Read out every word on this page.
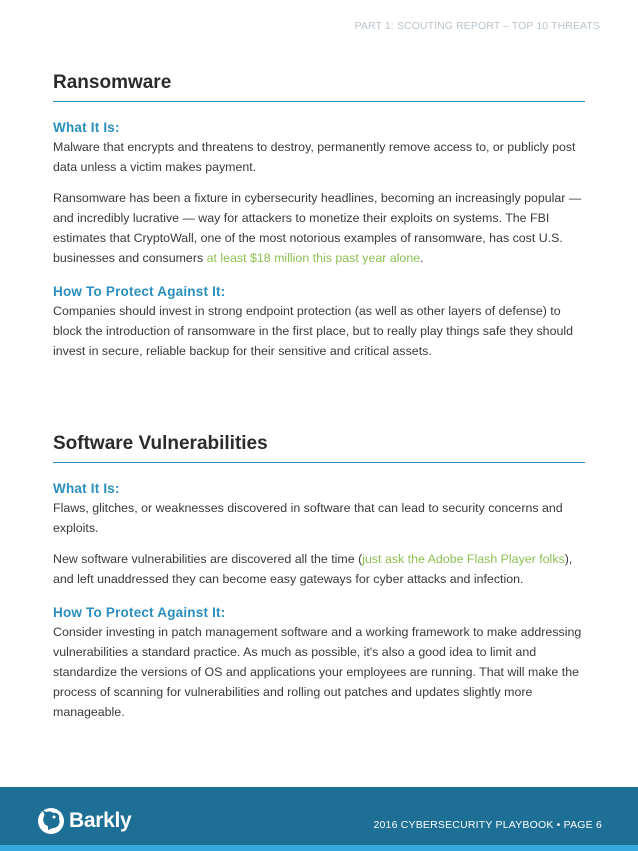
PART 1: SCOUTING REPORT – TOP 10 THREATS
Ransomware
What It Is:

Malware that encrypts and threatens to destroy, permanently remove access to, or publicly post data unless a victim makes payment.

Ransomware has been a fixture in cybersecurity headlines, becoming an increasingly popular — and incredibly lucrative — way for attackers to monetize their exploits on systems. The FBI estimates that CryptoWall, one of the most notorious examples of ransomware, has cost U.S. businesses and consumers at least $18 million this past year alone.

How To Protect Against It:

Companies should invest in strong endpoint protection (as well as other layers of defense) to block the introduction of ransomware in the first place, but to really play things safe they should invest in secure, reliable backup for their sensitive and critical assets.

Software Vulnerabilities
What It Is:

Flaws, glitches, or weaknesses discovered in software that can lead to security concerns and exploits.

New software vulnerabilities are discovered all the time (just ask the Adobe Flash Player folks), and left unaddressed they can become easy gateways for cyber attacks and infection.

How To Protect Against It:

Consider investing in patch management software and a working framework to make addressing vulnerabilities a standard practice. As much as possible, it's also a good idea to limit and standardize the versions of OS and applications your employees are running. That will make the process of scanning for vulnerabilities and rolling out patches and updates slightly more manageable.

Barkly	2016 CYBERSECURITY PLAYBOOK • PAGE 6
